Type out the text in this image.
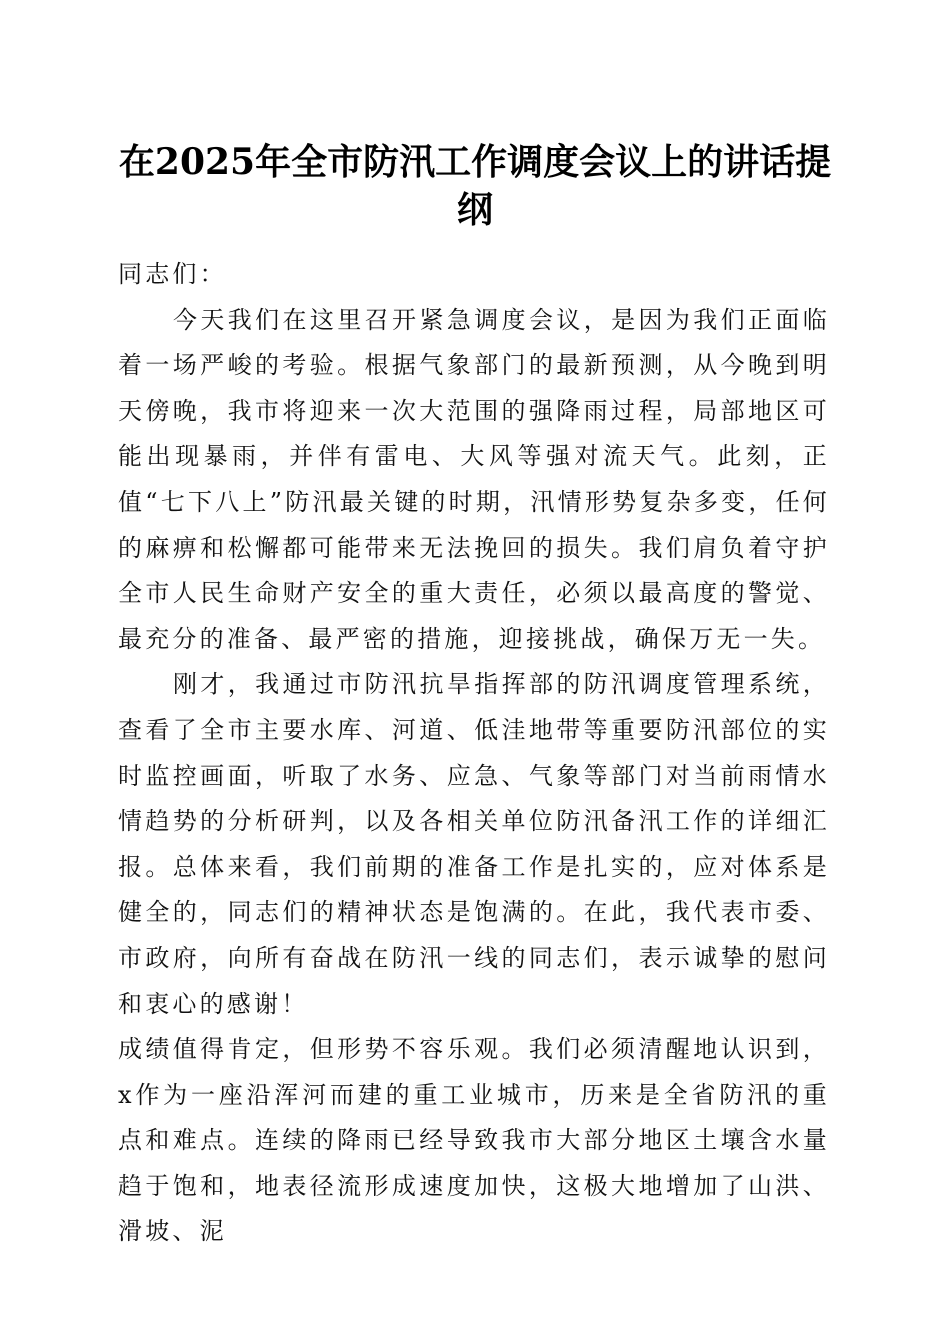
在2025年全市防汛工作调度会议上的讲话提纲

同志们：

今天我们在这里召开紧急调度会议，是因为我们正面临着一场严峻的考验。根据气象部门的最新预测，从今晚到明天傍晚，我市将迎来一次大范围的强降雨过程，局部地区可能出现暴雨，并伴有雷电、大风等强对流天气。此刻，正值“七下八上”防汛最关键的时期，汛情形势复杂多变，任何的麻痹和松懈都可能带来无法挽回的损失。我们肩负着守护全市人民生命财产安全的重大责任，必须以最高度的警觉、最充分的准备、最严密的措施，迎接挑战，确保万无一失。

刚才，我通过市防汛抗旱指挥部的防汛调度管理系统，查看了全市主要水库、河道、低洼地带等重要防汛部位的实时监控画面，听取了水务、应急、气象等部门对当前雨情水情趋势的分析研判，以及各相关单位防汛备汛工作的详细汇报。总体来看，我们前期的准备工作是扎实的，应对体系是健全的，同志们的精神状态是饱满的。在此，我代表市委、市政府，向所有奋战在防汛一线的同志们，表示诚挚的慰问和衷心的感谢！

成绩值得肯定，但形势不容乐观。我们必须清醒地认识到，x作为一座沿浑河而建的重工业城市，历来是全省防汛的重点和难点。连续的降雨已经导致我市大部分地区土壤含水量趋于饱和，地表径流形成速度加快，这极大地增加了山洪、滑坡、泥
